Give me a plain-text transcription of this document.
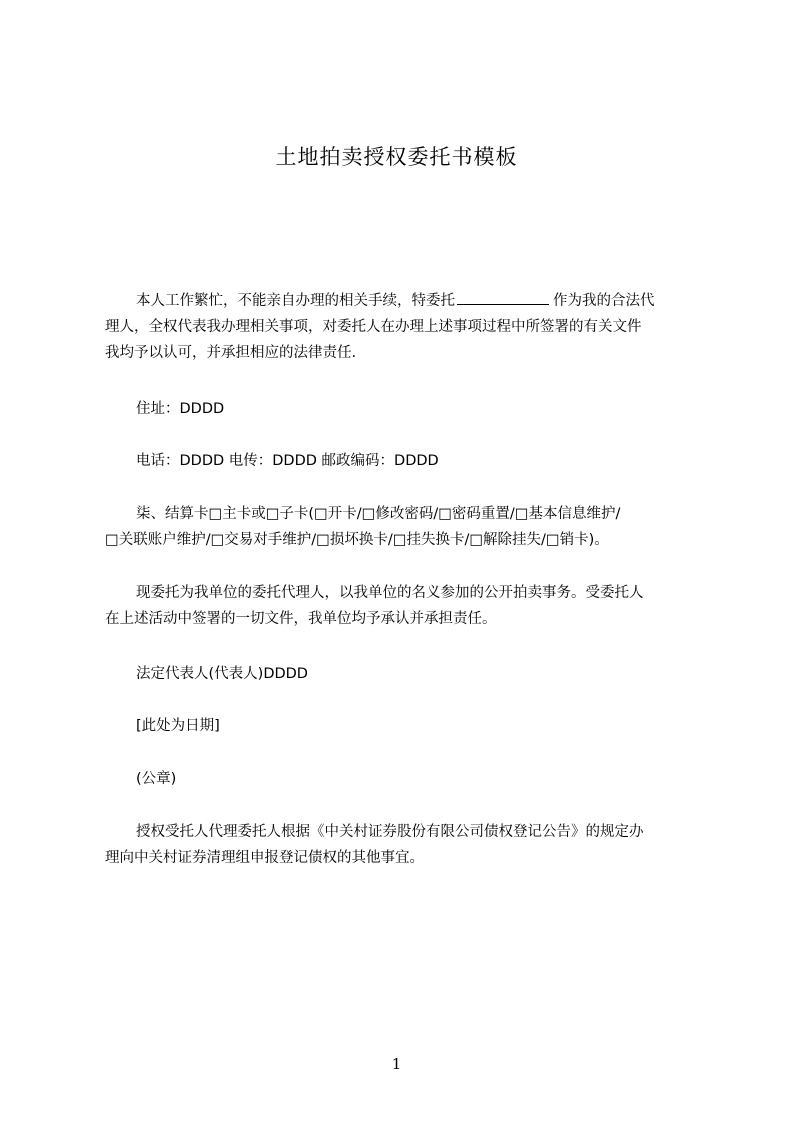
土地拍卖授权委托书模板
本人工作繁忙，不能亲自办理的相关手续，特委托	作为我的合法代
理人，全权代表我办理相关事项，对委托人在办理上述事项过程中所签署的有关文件
我均予以认可，并承担相应的法律责任.
住址：DDDD
电话：DDDD 电传：DDDD 邮政编码：DDDD
柒、结算卡□主卡或□子卡(□开卡/□修改密码/□密码重置/□基本信息维护/
□关联账户维护/□交易对手维护/□损坏换卡/□挂失换卡/□解除挂失/□销卡)。
现委托为我单位的委托代理人，以我单位的名义参加的公开拍卖事务。受委托人
在上述活动中签署的一切文件，我单位均予承认并承担责任。
法定代表人(代表人)DDDD
[此处为日期]
(公章)
授权受托人代理委托人根据《中关村证券股份有限公司债权登记公告》的规定办
理向中关村证券清理组申报登记债权的其他事宜。
1
